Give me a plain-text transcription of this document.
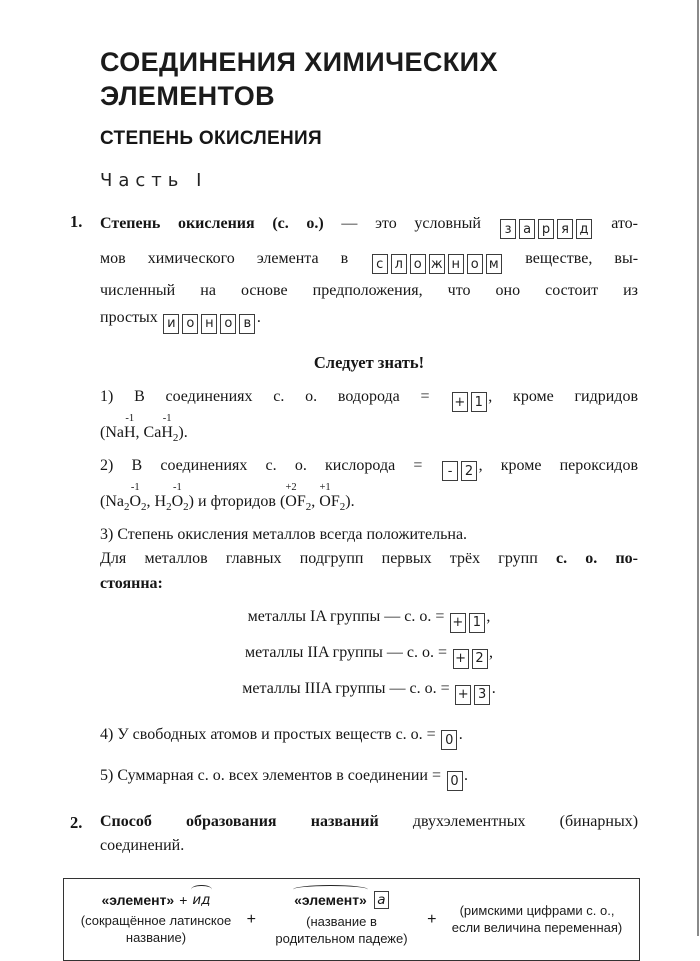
СОЕДИНЕНИЯ ХИМИЧЕСКИХ
ЭЛЕМЕНТОВ
СТЕПЕНЬ ОКИСЛЕНИЯ
Часть I
1. Степень окисления (с. о.) — это условный з а р я д ато-
мов химического элемента в с л о ж н о м веществе, вы-
численный на основе предположения, что оно состоит из
простых и о н о в .
Следует знать!
1) В соединениях с. о. водорода = + 1 , кроме гидридов
(Na
-1
H, Ca
-1
$H_2$).
2) В соединениях с. о. кислорода = - 2 , кроме пероксидов
($Na_2$
-1
$O_2$, $H_2$
-1
$O_2$) и фторидов (
+2
$OF_2$,
+1
$OF_2$).
3) Степень окисления металлов всегда положительна.
Для металлов главных подгрупп первых трёх групп с. о. по-
стоянна:
металлы IA группы — с. о. = + 1 ,
металлы IIA группы — с. о. = + 2 ,
металлы IIIA группы — с. о. = + 3 .
4) У свободных атомов и простых веществ с. о. = 0 .
5) Суммарная с. о. всех элементов в соединении = 0 .
2. Способ образования названий двухэлементных (бинарных)
соединений.
«элемент» + ид
(сокращённое латинское название)
+
«элемент» а
(название в родительном падеже)
+
(римскими цифрами с. о., если величина переменная)
